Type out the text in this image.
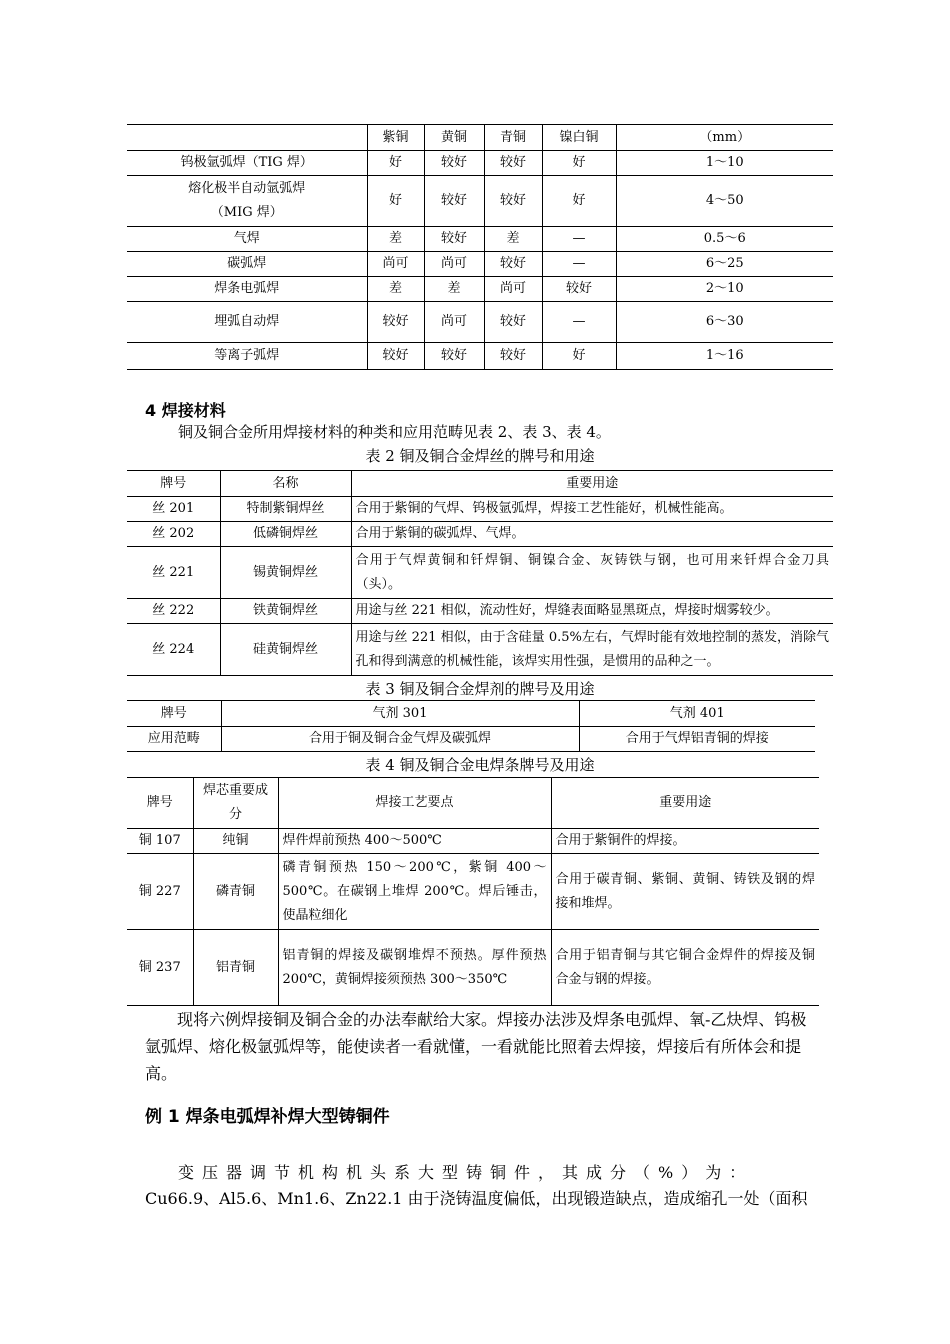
	紫铜	黄铜	青铜	镍白铜	（mm）
钨极氩弧焊（TIG 焊）	好	较好	较好	好	1～10
熔化极半自动氩弧焊
（MIG 焊）	好	较好	较好	好	4～50
气焊	差	较好	差	—	0.5～6
碳弧焊	尚可	尚可	较好	—	6～25
焊条电弧焊	差	差	尚可	较好	2～10
埋弧自动焊	较好	尚可	较好	—	6～30
等离子弧焊	较好	较好	较好	好	1～16
4 焊接材料
铜及铜合金所用焊接材料的种类和应用范畴见表 2、表 3、表 4。
表 2 铜及铜合金焊丝的牌号和用途
牌号	名称	重要用途
丝 201	特制紫铜焊丝	合用于紫铜的气焊、钨极氩弧焊，焊接工艺性能好，机械性能高。
丝 202	低磷铜焊丝	合用于紫铜的碳弧焊、气焊。
丝 221	锡黄铜焊丝	合用于气焊黄铜和钎焊铜、铜镍合金、灰铸铁与钢，也可用来钎焊合金刀具（头）。
丝 222	铁黄铜焊丝	用途与丝 221 相似，流动性好，焊缝表面略显黑斑点，焊接时烟雾较少。
丝 224	硅黄铜焊丝	用途与丝 221 相似，由于含硅量 0.5%左右，气焊时能有效地控制的蒸发，消除气孔和得到满意的机械性能，该焊实用性强，是惯用的品种之一。
表 3 铜及铜合金焊剂的牌号及用途
牌号	气剂 301	气剂 401
应用范畴	合用于铜及铜合金气焊及碳弧焊	合用于气焊铝青铜的焊接
表 4 铜及铜合金电焊条牌号及用途
牌号	焊芯重要成分	焊接工艺要点	重要用途
铜 107	纯铜	焊件焊前预热 400～500℃	合用于紫铜件的焊接。
铜 227	磷青铜	磷青铜预热 150～200℃，紫铜 400～500℃。在碳钢上堆焊 200℃。焊后锤击，使晶粒细化	合用于碳青铜、紫铜、黄铜、铸铁及钢的焊接和堆焊。
铜 237	铝青铜	铝青铜的焊接及碳钢堆焊不预热。厚件预热 200℃，黄铜焊接须预热 300～350℃	合用于铝青铜与其它铜合金焊件的焊接及铜合金与钢的焊接。
现将六例焊接铜及铜合金的办法奉献给大家。焊接办法涉及焊条电弧焊、氧-乙炔焊、钨极氩弧焊、熔化极氩弧焊等，能使读者一看就懂，一看就能比照着去焊接，焊接后有所体会和提高。
例 1 焊条电弧焊补焊大型铸铜件
变压器调节机构机头系大型铸铜件，其成分（%）为：
Cu66.9、Al5.6、Mn1.6、Zn22.1 由于浇铸温度偏低，出现锻造缺点，造成缩孔一处（面积
